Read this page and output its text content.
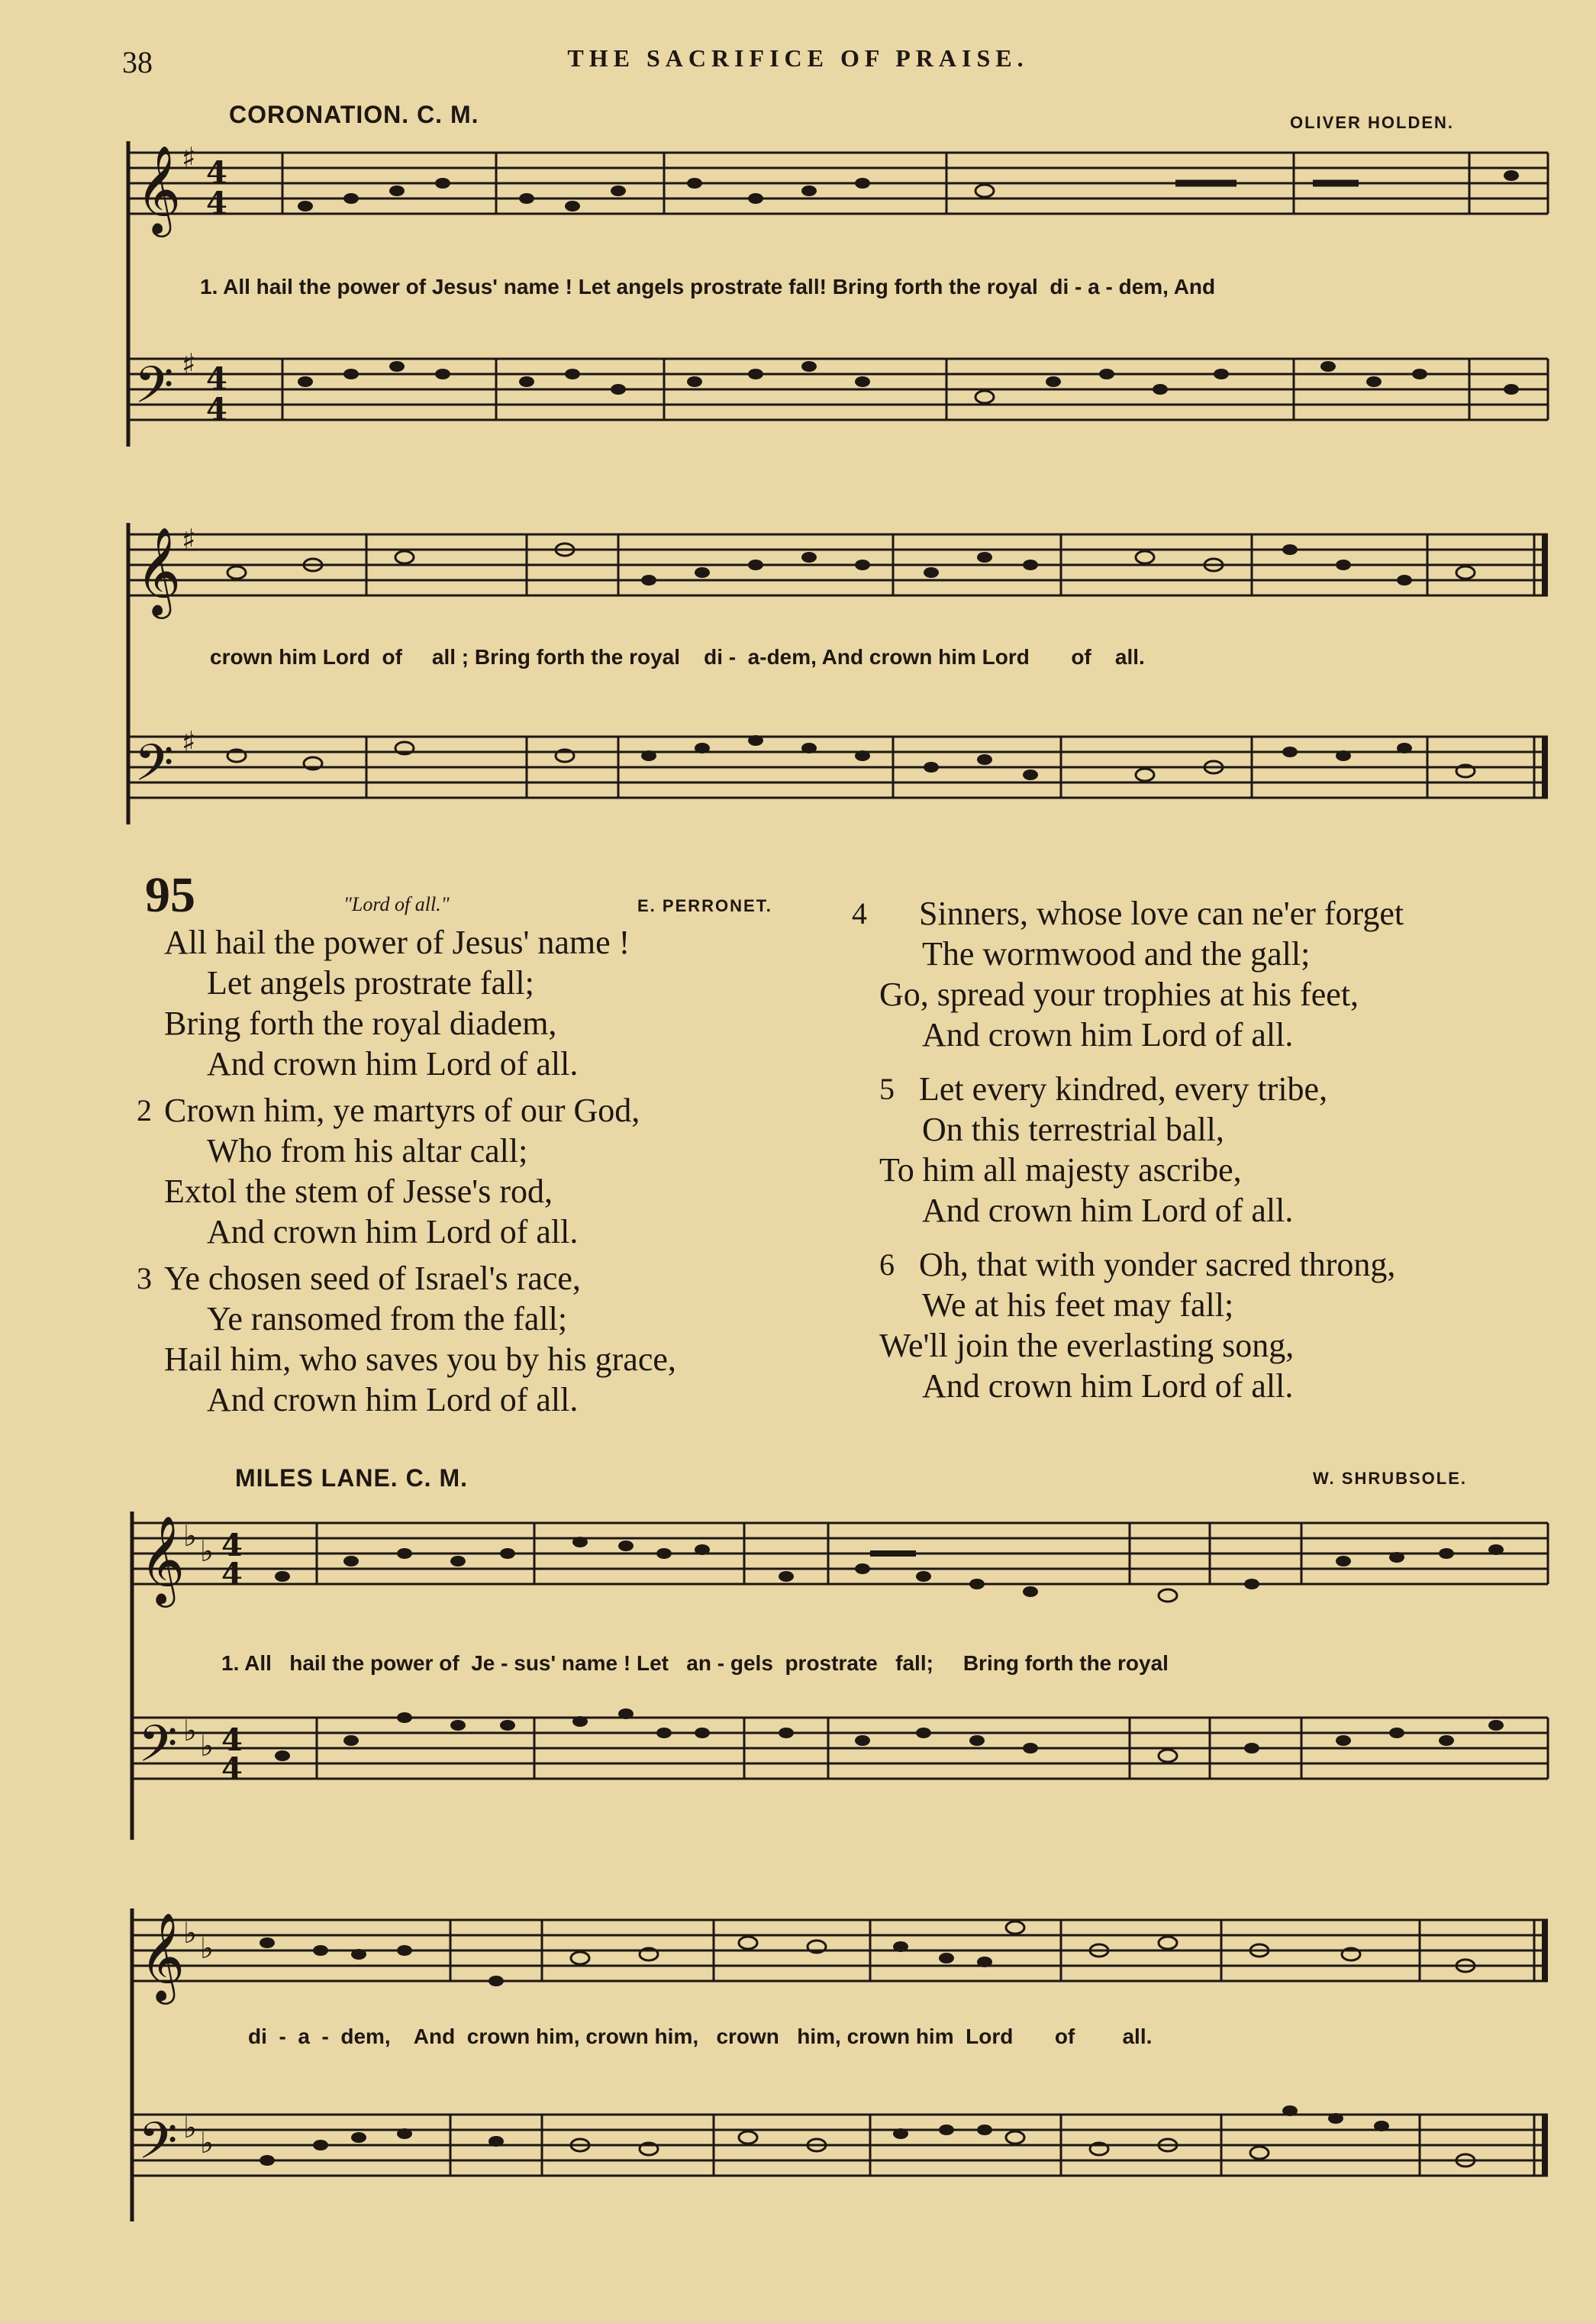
38	THE SACRIFICE OF PRAISE.
CORONATION. C. M.	OLIVER HOLDEN.
𝄞
𝄢
4
4
4
4
♯
♯
1. All hail the power of Jesus' name ! Let angels prostrate fall! Bring forth the royal  di - a - dem, And
𝄞
𝄢
♯
♯
crown him Lord  of     all ; Bring forth the royal    di -  a-dem, And crown him Lord       of    all.
95	"Lord of all."	E. PERRONET.
All hail the power of Jesus' name !
Let angels prostrate fall;
Bring forth the royal diadem,
And crown him Lord of all.
2 Crown him, ye martyrs of our God,
Who from his altar call;
Extol the stem of Jesse's rod,
And crown him Lord of all.
3 Ye chosen seed of Israel's race,
Ye ransomed from the fall;
Hail him, who saves you by his grace,
And crown him Lord of all.
4	Sinners, whose love can ne'er forget
The wormwood and the gall;
Go, spread your trophies at his feet,
And crown him Lord of all.
5 Let every kindred, every tribe,
On this terrestrial ball,
To him all majesty ascribe,
And crown him Lord of all.
6 Oh, that with yonder sacred throng,
We at his feet may fall;
We'll join the everlasting song,
And crown him Lord of all.
MILES LANE. C. M.	W. SHRUBSOLE.
𝄞
𝄢
♭ ♭
♭ ♭
4
4
4
4
1. All   hail the power of  Je - sus' name ! Let   an - gels  prostrate   fall;     Bring forth the royal
𝄞
𝄢
♭ ♭
♭ ♭
di  -  a  -  dem,    And  crown him, crown him,   crown   him, crown him  Lord       of        all.
